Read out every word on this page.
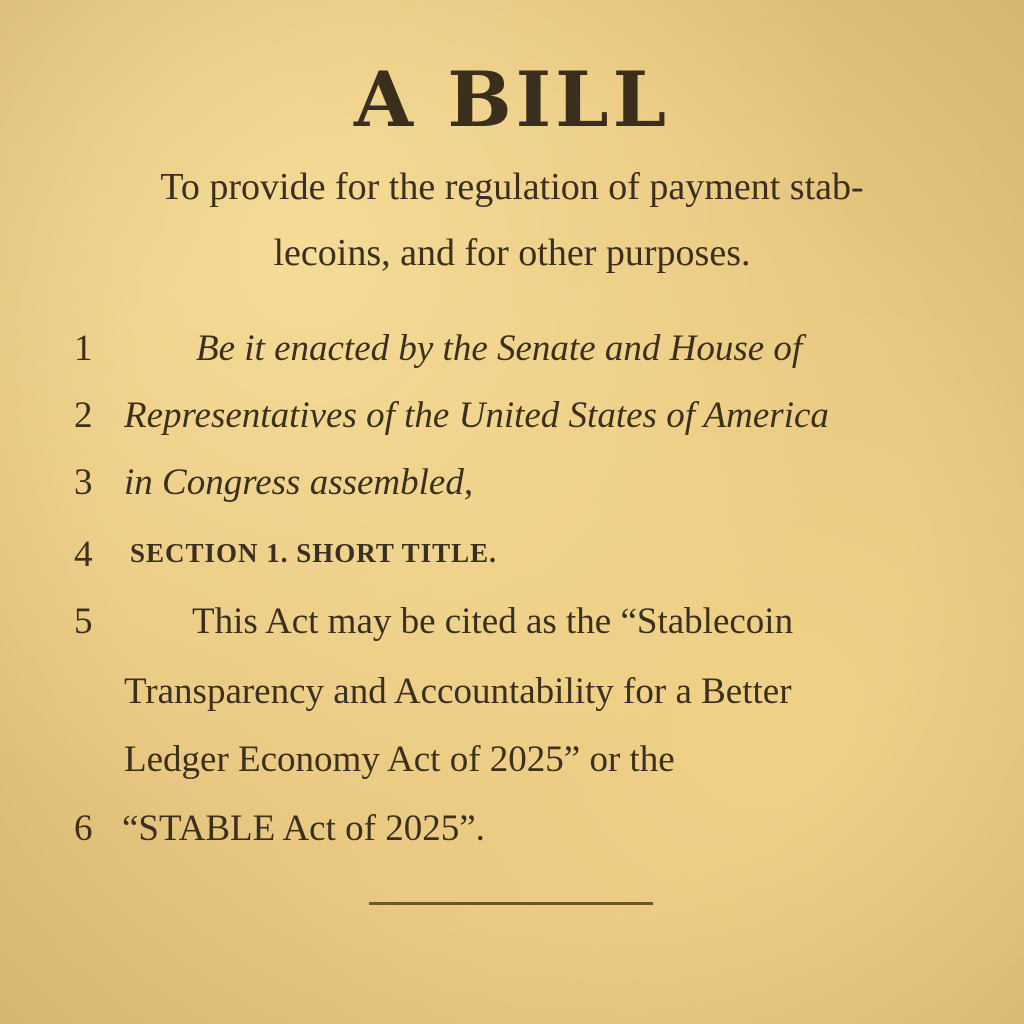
A BILL
To provide for the regulation of payment stab-
lecoins, and for other purposes.
1	Be it enacted by the Senate and House of
2 Representatives of the United States of America
3 in Congress assembled,
4	SECTION 1. SHORT TITLE.
5	This Act may be cited as the “Stablecoin
Transparency and Accountability for a Better
Ledger Economy Act of 2025” or the
6 “STABLE Act of 2025”.
